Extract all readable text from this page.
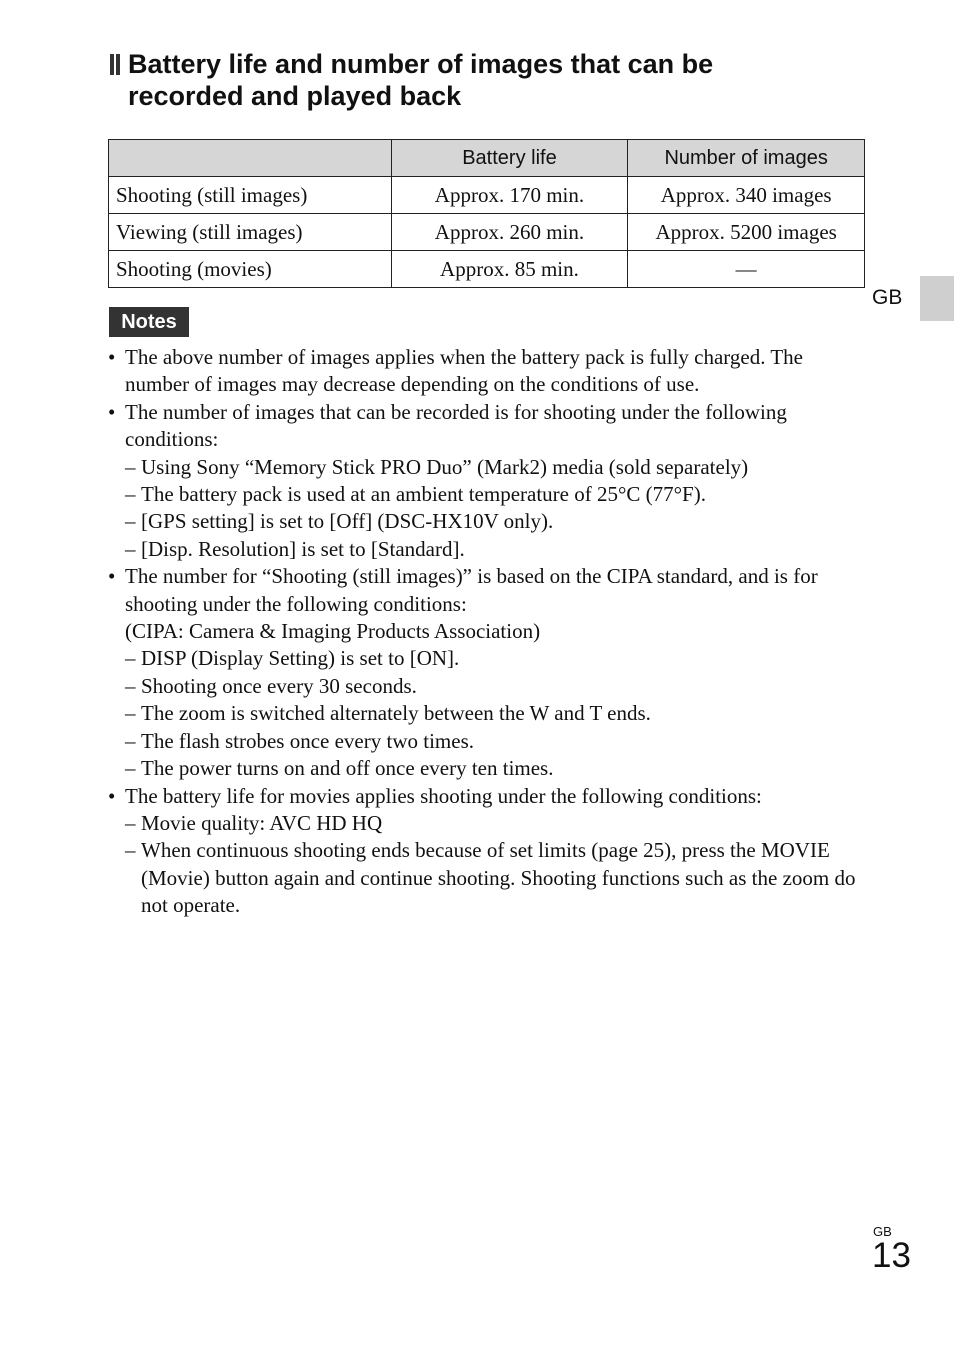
Battery life and number of images that can be recorded and played back
	Battery life	Number of images
Shooting (still images)	Approx. 170 min.	Approx. 340 images
Viewing (still images)	Approx. 260 min.	Approx. 5200 images
Shooting (movies)	Approx. 85 min.	—
GB
Notes
• The above number of images applies when the battery pack is fully charged. The number of images may decrease depending on the conditions of use.
• The number of images that can be recorded is for shooting under the following conditions:
– Using Sony “Memory Stick PRO Duo” (Mark2) media (sold separately)
– The battery pack is used at an ambient temperature of 25°C (77°F).
– [GPS setting] is set to [Off] (DSC-HX10V only).
– [Disp. Resolution] is set to [Standard].
• The number for “Shooting (still images)” is based on the CIPA standard, and is for shooting under the following conditions:
(CIPA: Camera & Imaging Products Association)
– DISP (Display Setting) is set to [ON].
– Shooting once every 30 seconds.
– The zoom is switched alternately between the W and T ends.
– The flash strobes once every two times.
– The power turns on and off once every ten times.
• The battery life for movies applies shooting under the following conditions:
– Movie quality: AVC HD HQ
– When continuous shooting ends because of set limits (page 25), press the MOVIE (Movie) button again and continue shooting. Shooting functions such as the zoom do not operate.
GB
13
